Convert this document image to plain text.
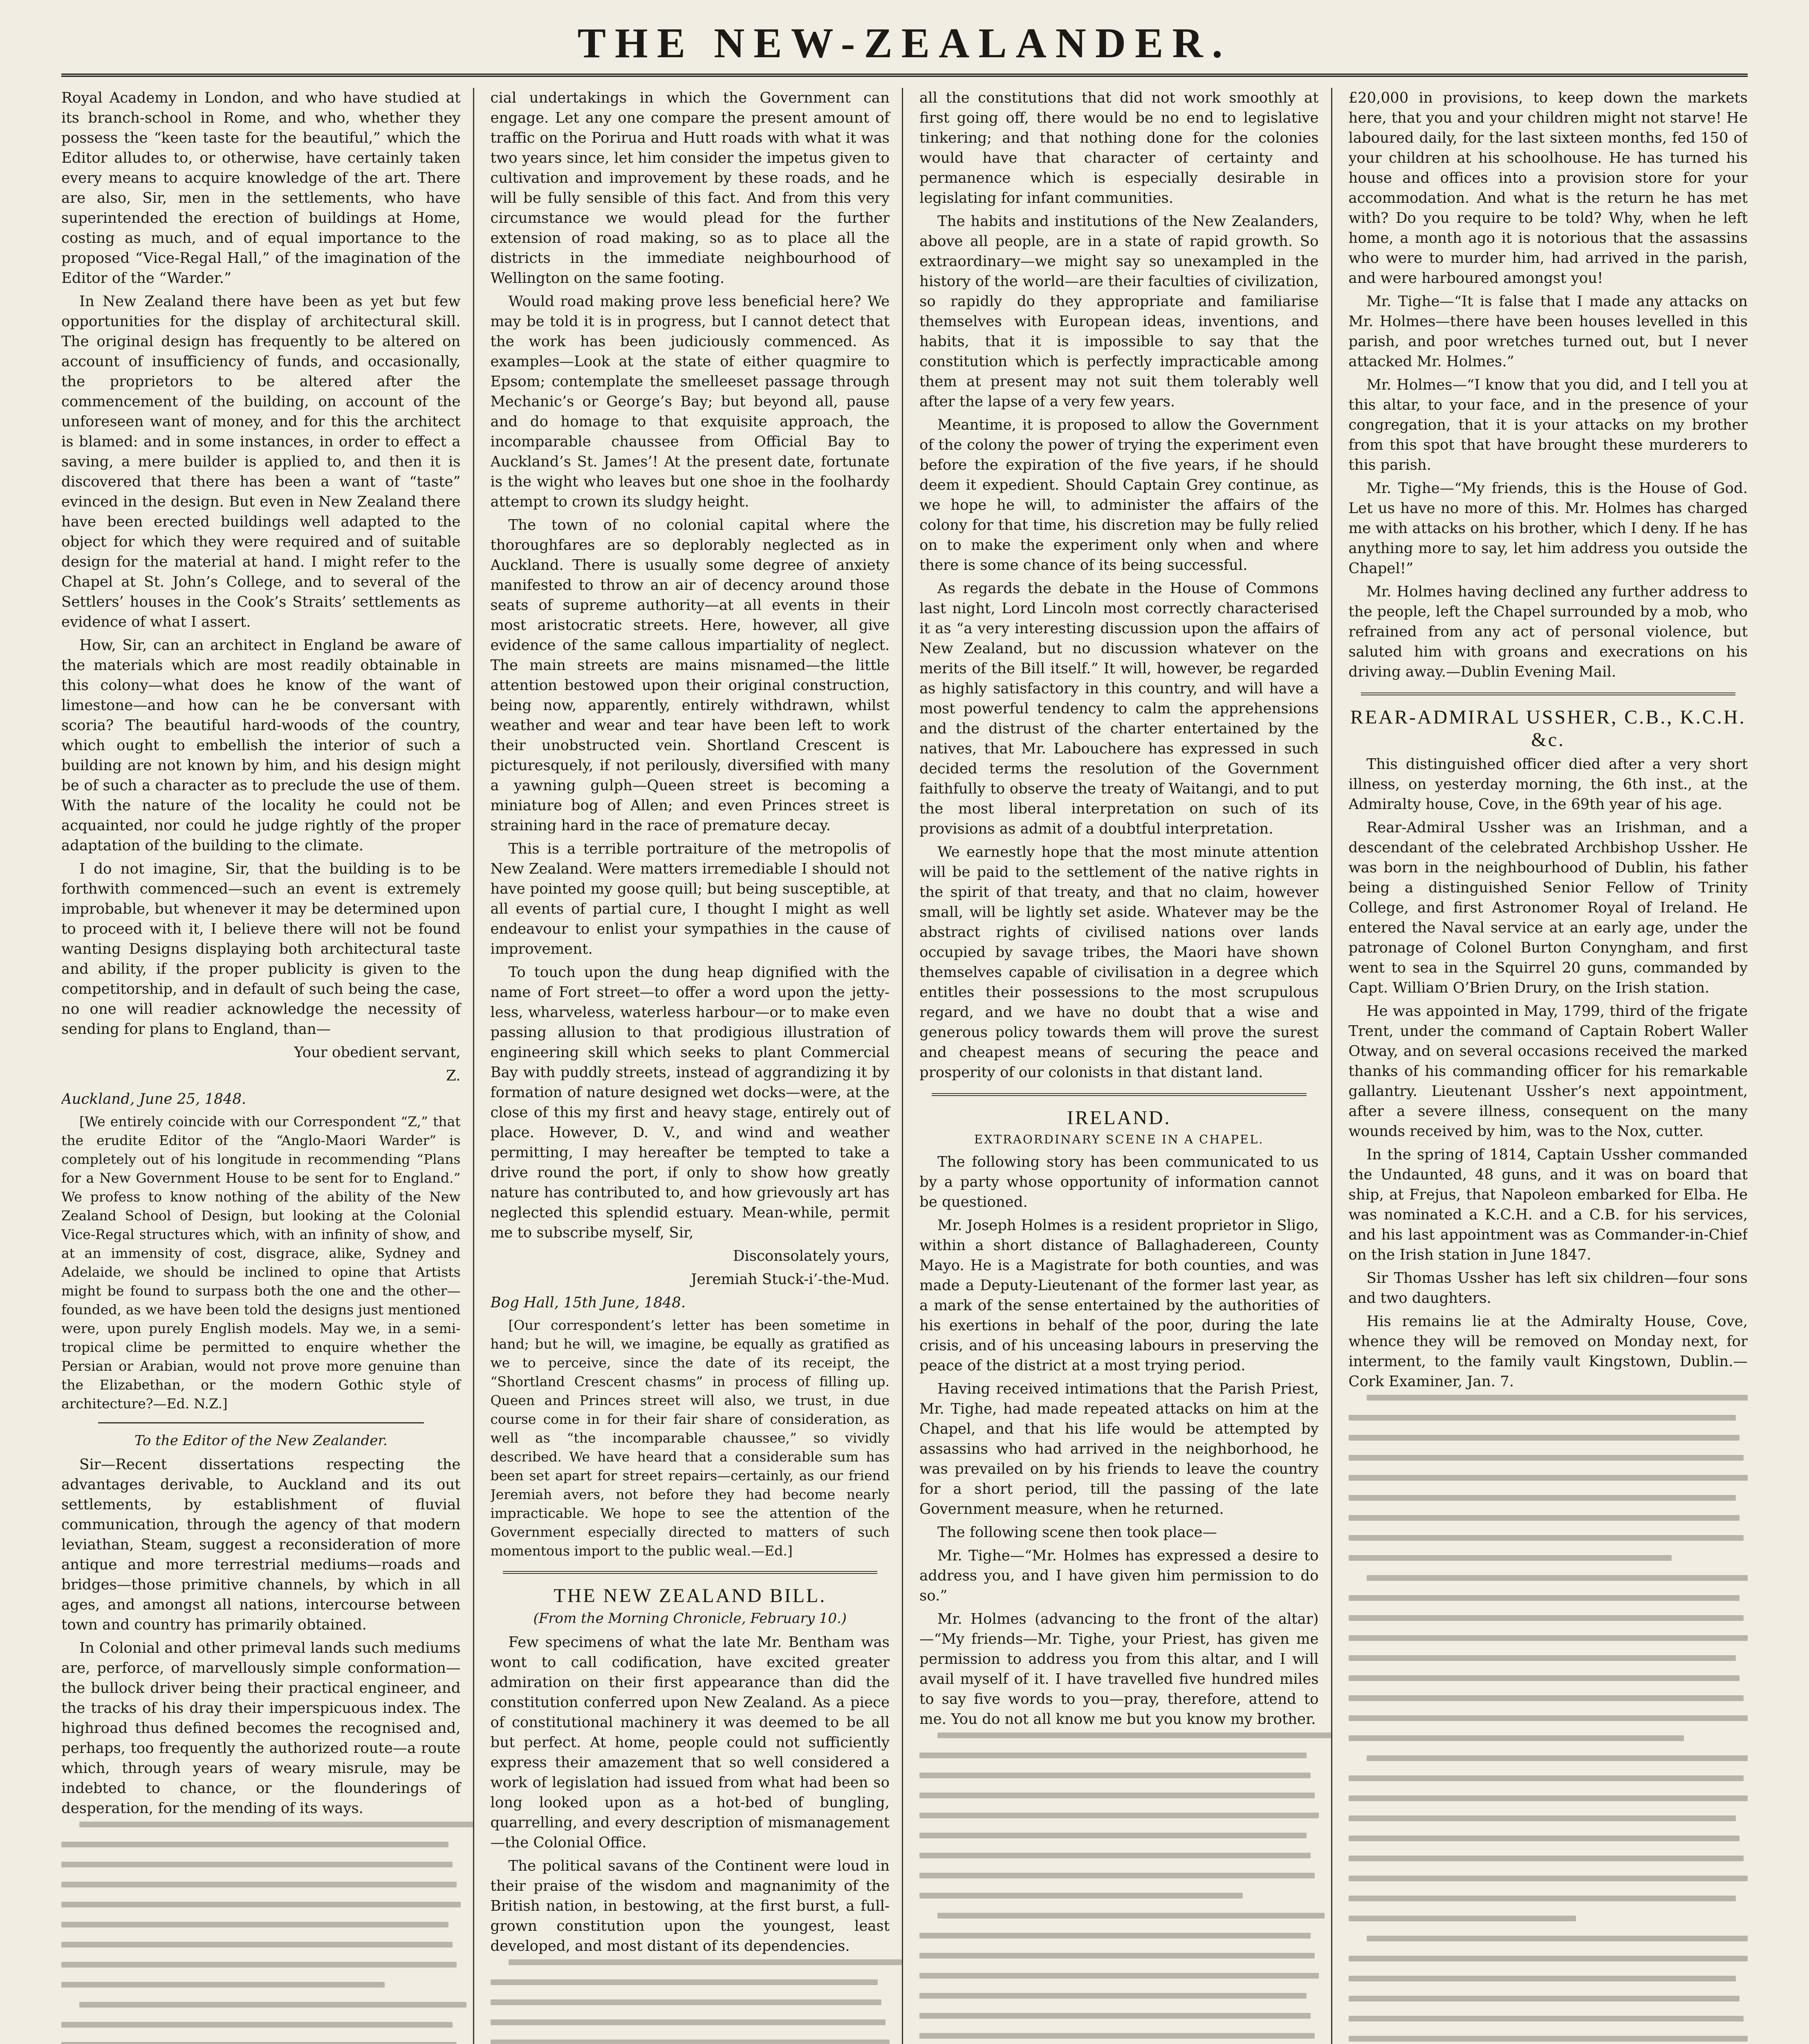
THE NEW-ZEALANDER.

Royal Academy in London, and who have studied at its branch-school in Rome, and who, whether they possess the “keen taste for the beautiful,” which the Editor alludes to, or otherwise, have certainly taken every means to acquire knowledge of the art. There are also, Sir, men in the settlements, who have superintended the erection of buildings at Home, costing as much, and of equal importance to the proposed “Vice-Regal Hall,” of the imagination of the Editor of the “Warder.”

In New Zealand there have been as yet but few opportunities for the display of architectural skill. The original design has frequently to be altered on account of insufficiency of funds, and occasionally, the proprietors to be altered after the commencement of the building, on account of the unforeseen want of money, and for this the architect is blamed: and in some instances, in order to effect a saving, a mere builder is applied to, and then it is discovered that there has been a want of “taste” evinced in the design. But even in New Zealand there have been erected buildings well adapted to the object for which they were required and of suitable design for the material at hand. I might refer to the Chapel at St. John’s College, and to several of the Settlers’ houses in the Cook’s Straits’ settlements as evidence of what I assert.

How, Sir, can an architect in England be aware of the materials which are most readily obtainable in this colony—what does he know of the want of limestone—and how can he be conversant with scoria? The beautiful hard-woods of the country, which ought to embellish the interior of such a building are not known by him, and his design might be of such a character as to preclude the use of them. With the nature of the locality he could not be acquainted, nor could he judge rightly of the proper adaptation of the building to the climate.

I do not imagine, Sir, that the building is to be forthwith commenced—such an event is extremely improbable, but whenever it may be determined upon to proceed with it, I believe there will not be found wanting Designs displaying both architectural taste and ability, if the proper publicity is given to the competitorship, and in default of such being the case, no one will readier acknowledge the necessity of sending for plans to England, than—

Your obedient servant,

Z.

Auckland, June 25, 1848.

[We entirely coincide with our Correspondent “Z,” that the erudite Editor of the “Anglo-Maori Warder” is completely out of his longitude in recommending “Plans for a New Government House to be sent for to England.” We profess to know nothing of the ability of the New Zealand School of Design, but looking at the Colonial Vice-Regal structures which, with an infinity of show, and at an immensity of cost, disgrace, alike, Sydney and Adelaide, we should be inclined to opine that Artists might be found to surpass both the one and the other—founded, as we have been told the designs just mentioned were, upon purely English models. May we, in a semi-tropical clime be permitted to enquire whether the Persian or Arabian, would not prove more genuine than the Elizabethan, or the modern Gothic style of architecture?—Ed. N.Z.]

To the Editor of the New Zealander.

Sir—Recent dissertations respecting the advantages derivable, to Auckland and its out settlements, by establishment of fluvial communication, through the agency of that modern leviathan, Steam, suggest a reconsideration of more antique and more terrestrial mediums—roads and bridges—those primitive channels, by which in all ages, and amongst all nations, intercourse between town and country has primarily obtained.

In Colonial and other primeval lands such mediums are, perforce, of marvellously simple conformation—the bullock driver being their practical engineer, and the tracks of his dray their imperspicuous index. The highroad thus defined becomes the recognised and, perhaps, too frequently the authorized route—a route which, through years of weary misrule, may be indebted to chance, or the flounderings of desperation, for the mending of its ways.

cial undertakings in which the Government can engage. Let any one compare the present amount of traffic on the Porirua and Hutt roads with what it was two years since, let him consider the impetus given to cultivation and improvement by these roads, and he will be fully sensible of this fact. And from this very circumstance we would plead for the further extension of road making, so as to place all the districts in the immediate neighbourhood of Wellington on the same footing.

Would road making prove less beneficial here? We may be told it is in progress, but I cannot detect that the work has been judiciously commenced. As examples—Look at the state of either quagmire to Epsom; contemplate the smelleeset passage through Mechanic’s or George’s Bay; but beyond all, pause and do homage to that exquisite approach, the incomparable chaussee from Official Bay to Auckland’s St. James’! At the present date, fortunate is the wight who leaves but one shoe in the foolhardy attempt to crown its sludgy height.

The town of no colonial capital where the thoroughfares are so deplorably neglected as in Auckland. There is usually some degree of anxiety manifested to throw an air of decency around those seats of supreme authority—at all events in their most aristocratic streets. Here, however, all give evidence of the same callous impartiality of neglect. The main streets are mains misnamed—the little attention bestowed upon their original construction, being now, apparently, entirely withdrawn, whilst weather and wear and tear have been left to work their unobstructed vein. Shortland Crescent is picturesquely, if not perilously, diversified with many a yawning gulph—Queen street is becoming a miniature bog of Allen; and even Princes street is straining hard in the race of premature decay.

This is a terrible portraiture of the metropolis of New Zealand. Were matters irremediable I should not have pointed my goose quill; but being susceptible, at all events of partial cure, I thought I might as well endeavour to enlist your sympathies in the cause of improvement.

To touch upon the dung heap dignified with the name of Fort street—to offer a word upon the jetty-less, wharveless, waterless harbour—or to make even passing allusion to that prodigious illustration of engineering skill which seeks to plant Commercial Bay with puddly streets, instead of aggrandizing it by formation of nature designed wet docks—were, at the close of this my first and heavy stage, entirely out of place. However, D. V., and wind and weather permitting, I may hereafter be tempted to take a drive round the port, if only to show how greatly nature has contributed to, and how grievously art has neglected this splendid estuary. Mean-while, permit me to subscribe myself, Sir,

Disconsolately yours,

Jeremiah Stuck-i’-the-Mud.

Bog Hall, 15th June, 1848.

[Our correspondent’s letter has been sometime in hand; but he will, we imagine, be equally as gratified as we to perceive, since the date of its receipt, the “Shortland Crescent chasms” in process of filling up. Queen and Princes street will also, we trust, in due course come in for their fair share of consideration, as well as “the incomparable chaussee,” so vividly described. We have heard that a considerable sum has been set apart for street repairs—certainly, as our friend Jeremiah avers, not before they had become nearly impracticable. We hope to see the attention of the Government especially directed to matters of such momentous import to the public weal.—Ed.]

THE NEW ZEALAND BILL.
(From the Morning Chronicle, February 10.)

Few specimens of what the late Mr. Bentham was wont to call codification, have excited greater admiration on their first appearance than did the constitution conferred upon New Zealand. As a piece of constitutional machinery it was deemed to be all but perfect. At home, people could not sufficiently express their amazement that so well considered a work of legislation had issued from what had been so long looked upon as a hot-bed of bungling, quarrelling, and every description of mismanagement—the Colonial Office.

The political savans of the Continent were loud in their praise of the wisdom and magnanimity of the British nation, in bestowing, at the first burst, a full-grown constitution upon the youngest, least developed, and most distant of its dependencies.

all the constitutions that did not work smoothly at first going off, there would be no end to legislative tinkering; and that nothing done for the colonies would have that character of certainty and permanence which is especially desirable in legislating for infant communities.

The habits and institutions of the New Zealanders, above all people, are in a state of rapid growth. So extraordinary—we might say so unexampled in the history of the world—are their faculties of civilization, so rapidly do they appropriate and familiarise themselves with European ideas, inventions, and habits, that it is impossible to say that the constitution which is perfectly impracticable among them at present may not suit them tolerably well after the lapse of a very few years.

Meantime, it is proposed to allow the Government of the colony the power of trying the experiment even before the expiration of the five years, if he should deem it expedient. Should Captain Grey continue, as we hope he will, to administer the affairs of the colony for that time, his discretion may be fully relied on to make the experiment only when and where there is some chance of its being successful.

As regards the debate in the House of Commons last night, Lord Lincoln most correctly characterised it as “a very interesting discussion upon the affairs of New Zealand, but no discussion whatever on the merits of the Bill itself.” It will, however, be regarded as highly satisfactory in this country, and will have a most powerful tendency to calm the apprehensions and the distrust of the charter entertained by the natives, that Mr. Labouchere has expressed in such decided terms the resolution of the Government faithfully to observe the treaty of Waitangi, and to put the most liberal interpretation on such of its provisions as admit of a doubtful interpretation.

We earnestly hope that the most minute attention will be paid to the settlement of the native rights in the spirit of that treaty, and that no claim, however small, will be lightly set aside. Whatever may be the abstract rights of civilised nations over lands occupied by savage tribes, the Maori have shown themselves capable of civilisation in a degree which entitles their possessions to the most scrupulous regard, and we have no doubt that a wise and generous policy towards them will prove the surest and cheapest means of securing the peace and prosperity of our colonists in that distant land.

IRELAND.
EXTRAORDINARY SCENE IN A CHAPEL.

The following story has been communicated to us by a party whose opportunity of information cannot be questioned.

Mr. Joseph Holmes is a resident proprietor in Sligo, within a short distance of Ballaghadereen, County Mayo. He is a Magistrate for both counties, and was made a Deputy-Lieutenant of the former last year, as a mark of the sense entertained by the authorities of his exertions in behalf of the poor, during the late crisis, and of his unceasing labours in preserving the peace of the district at a most trying period.

Having received intimations that the Parish Priest, Mr. Tighe, had made repeated attacks on him at the Chapel, and that his life would be attempted by assassins who had arrived in the neighborhood, he was prevailed on by his friends to leave the country for a short period, till the passing of the late Government measure, when he returned.

The following scene then took place—

Mr. Tighe—“Mr. Holmes has expressed a desire to address you, and I have given him permission to do so.”

Mr. Holmes (advancing to the front of the altar)—“My friends—Mr. Tighe, your Priest, has given me permission to address you from this altar, and I will avail myself of it. I have travelled five hundred miles to say five words to you—pray, therefore, attend to me. You do not all know me but you know my brother.

£20,000 in provisions, to keep down the markets here, that you and your children might not starve! He laboured daily, for the last sixteen months, fed 150 of your children at his schoolhouse. He has turned his house and offices into a provision store for your accommodation. And what is the return he has met with? Do you require to be told? Why, when he left home, a month ago it is notorious that the assassins who were to murder him, had arrived in the parish, and were harboured amongst you!

Mr. Tighe—“It is false that I made any attacks on Mr. Holmes—there have been houses levelled in this parish, and poor wretches turned out, but I never attacked Mr. Holmes.”

Mr. Holmes—“I know that you did, and I tell you at this altar, to your face, and in the presence of your congregation, that it is your attacks on my brother from this spot that have brought these murderers to this parish.

Mr. Tighe—“My friends, this is the House of God. Let us have no more of this. Mr. Holmes has charged me with attacks on his brother, which I deny. If he has anything more to say, let him address you outside the Chapel!”

Mr. Holmes having declined any further address to the people, left the Chapel surrounded by a mob, who refrained from any act of personal violence, but saluted him with groans and execrations on his driving away.—Dublin Evening Mail.

REAR-ADMIRAL USSHER, C.B., K.C.H. &c.

This distinguished officer died after a very short illness, on yesterday morning, the 6th inst., at the Admiralty house, Cove, in the 69th year of his age.

Rear-Admiral Ussher was an Irishman, and a descendant of the celebrated Archbishop Ussher. He was born in the neighbourhood of Dublin, his father being a distinguished Senior Fellow of Trinity College, and first Astronomer Royal of Ireland. He entered the Naval service at an early age, under the patronage of Colonel Burton Conyngham, and first went to sea in the Squirrel 20 guns, commanded by Capt. William O’Brien Drury, on the Irish station.

He was appointed in May, 1799, third of the frigate Trent, under the command of Captain Robert Waller Otway, and on several occasions received the marked thanks of his commanding officer for his remarkable gallantry. Lieutenant Ussher’s next appointment, after a severe illness, consequent on the many wounds received by him, was to the Nox, cutter.

In the spring of 1814, Captain Ussher commanded the Undaunted, 48 guns, and it was on board that ship, at Frejus, that Napoleon embarked for Elba. He was nominated a K.C.H. and a C.B. for his services, and his last appointment was as Commander-in-Chief on the Irish station in June 1847.

Sir Thomas Ussher has left six children—four sons and two daughters.

His remains lie at the Admiralty House, Cove, whence they will be removed on Monday next, for interment, to the family vault Kingstown, Dublin.—Cork Examiner, Jan. 7.
